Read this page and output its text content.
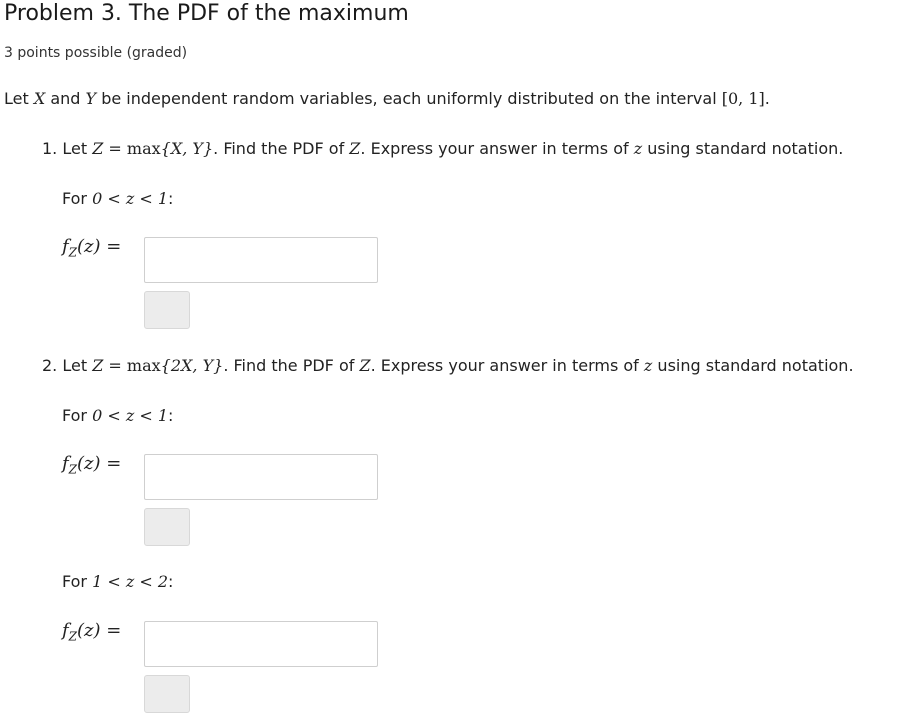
Problem 3. The PDF of the maximum
3 points possible (graded)
Let X and Y be independent random variables, each uniformly distributed on the interval [0, 1].
1. Let Z = max{X, Y}. Find the PDF of Z. Express your answer in terms of z using standard notation.
For 0 < z < 1:
$f_Z(z)$ =
2. Let Z = max{2X, Y}. Find the PDF of Z. Express your answer in terms of z using standard notation.
For 0 < z < 1:
$f_Z(z)$ =
For 1 < z < 2:
$f_Z(z)$ =
